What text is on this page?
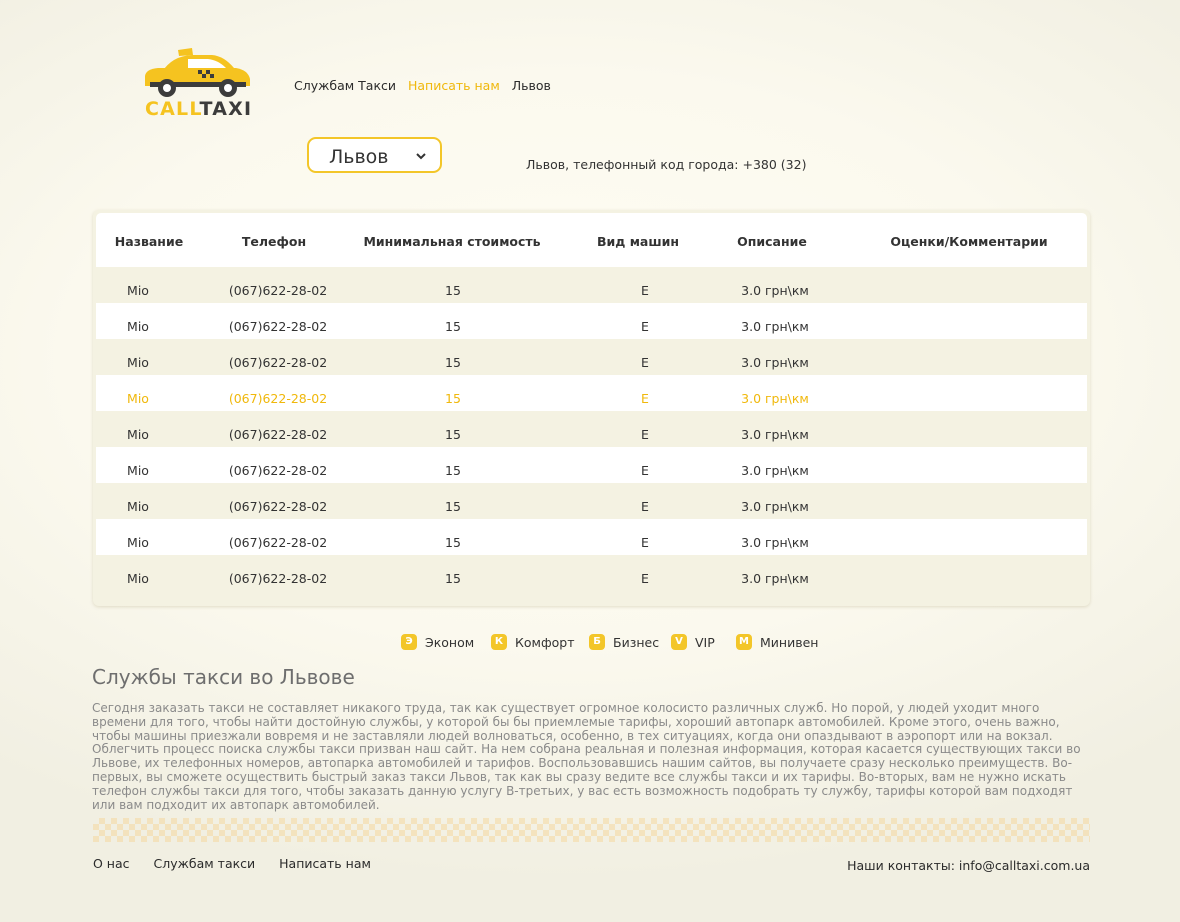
CALLTAXI
Службам Такси Написать нам Львов
Львов	Львов, телефонный код города: +380 (32)
Название	Телефон	Минимальная стоимость	Вид машин	Описание	Оценки/Комментарии
Mio	(067)622-28-02	15	E	3.0 грн\км
Mio	(067)622-28-02	15	E	3.0 грн\км
Mio	(067)622-28-02	15	E	3.0 грн\км
Mio	(067)622-28-02	15	E	3.0 грн\км
Mio	(067)622-28-02	15	E	3.0 грн\км
Mio	(067)622-28-02	15	E	3.0 грн\км
Mio	(067)622-28-02	15	E	3.0 грн\км
Mio	(067)622-28-02	15	E	3.0 грн\км
Mio	(067)622-28-02	15	E	3.0 грн\км
Э Эконом	К Комфорт	Б Бизнес	V VIP	М Минивен
Службы такси во Львове

Сегодня заказать такси не составляет никакого труда, так как существует огромное колосисто различных служб. Но порой, у людей уходит много времени для того, чтобы найти достойную службы, у которой бы бы приемлемые тарифы, хороший автопарк автомобилей. Кроме этого, очень важно, чтобы машины приезжали вовремя и не заставляли людей волноваться, особенно, в тех ситуациях, когда они опаздывают в аэропорт или на вокзал. Облегчить процесс поиска службы такси призван наш сайт. На нем собрана реальная и полезная информация, которая касается существующих такси во Львове, их телефонных номеров, автопарка автомобилей и тарифов. Воспользовавшись нашим сайтов, вы получаете сразу несколько преимуществ. Во-первых, вы сможете осуществить быстрый заказ такси Львов, так как вы сразу ведите все службы такси и их тарифы. Во-вторых, вам не нужно искать телефон службы такси для того, чтобы заказать данную услугу В-третьих, у вас есть возможность подобрать ту службу, тарифы которой вам подходят или вам подходит их автопарк автомобилей.

О нас Службам такси Написать нам	Наши контакты: info@calltaxi.com.ua
